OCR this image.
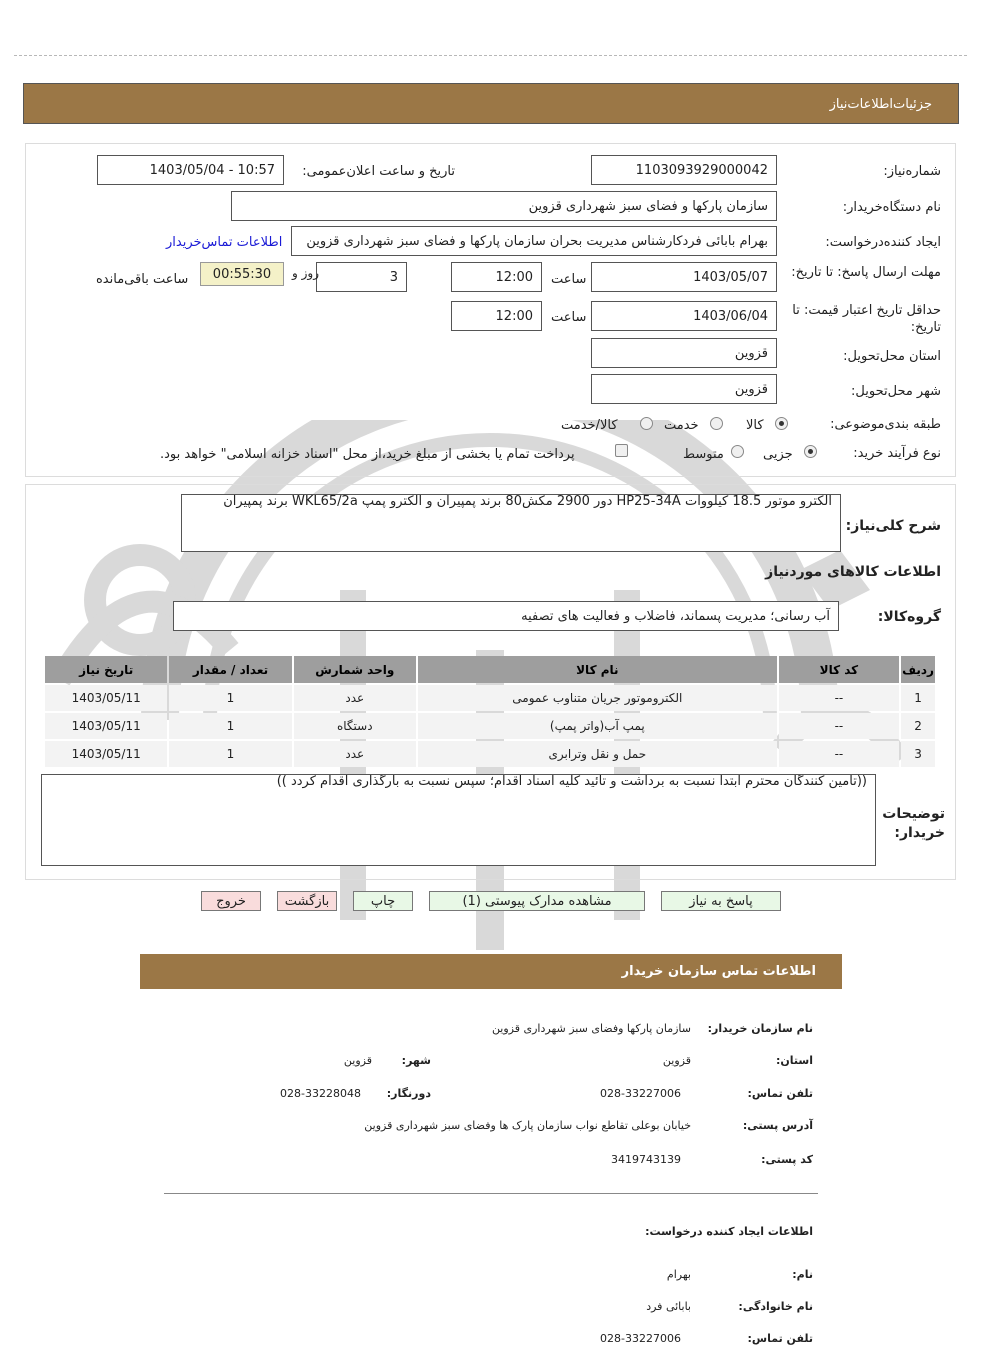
جزئیات‌اطلاعات‌نیاز
شماره‌نیاز:
1103093929000042
تاریخ و ساعت اعلان‌عمومی:
1403/05/04 - 10:57
نام دستگاه‌خریدار:
سازمان پارکها و فضای سبز شهرداری قزوین
ایجاد کننده‌درخواست:
بهرام بابائی فردکارشناس مدیریت بحران سازمان پارکها و فضای سبز شهرداری قزوین
اطلاعات تماس‌خریدار
مهلت ارسال پاسخ: تا تاریخ:
1403/05/07
ساعت
12:00
3
روز و
00:55:30
ساعت باقی‌مانده
حداقل تاریخ اعتبار قیمت: تا تاریخ:
1403/06/04
ساعت
12:00
استان محل‌تحویل:
قزوین
شهر محل‌تحویل:
قزوین
طبقه بندی‌موضوعی:
کالا
خدمت
کالا/خدمت
نوع فرآیند خرید:
جزیی
متوسط
پرداخت تمام یا بخشی از مبلغ خرید،از محل "اسناد خزانه اسلامی" خواهد بود.
شرح کلی‌نیاز:
الکترو موتور 18.5 کیلووات HP25-34A دور 2900 مکش80 برند پمپیران و الکترو پمپ WKL65/2a برند پمپیران
اطلاعات کالاهای مورد‌نیاز
گروه‌کالا:
آب رسانی؛ مدیریت پسماند، فاضلاب و فعالیت های تصفیه
ردیف	کد کالا	نام کالا	واحد شمارش	تعداد / مقدار	تاریخ نیاز
1	--	الکتروموتور جریان متناوب عمومی	عدد	1	1403/05/11
2	--	پمپ آب(واتر پمپ)	دستگاه	1	1403/05/11
3	--	حمل و نقل وترابری	عدد	1	1403/05/11
توضیحات خریدار:
((تامین کنندگان محترم ابتدا نسبت به برداشت و تائید کلیه اسناد اقدام؛ سپس نسبت به بارگذاری اقدام کردد ))
پاسخ به نیاز
مشاهده مدارک پیوستی (1)
چاپ
بازگشت
خروج
اطلاعات تماس سازمان خریدار
نام سازمان خریدار:
سازمان پارکها وفضای سبز شهرداری قزوین
استان:
قزوین
شهر:
قزوین
تلفن تماس:
028-33227006
دورنگار:
028-33228048
آدرس پستی:
خیابان بوعلی تقاطع نواب سازمان پارک ها وفضای سبز شهرداری قزوین
کد پستی:
3419743139
اطلاعات ایجاد کننده درخواست:
نام:
بهرام
نام خانوادگی:
بابائی فرد
تلفن تماس:
028-33227006
